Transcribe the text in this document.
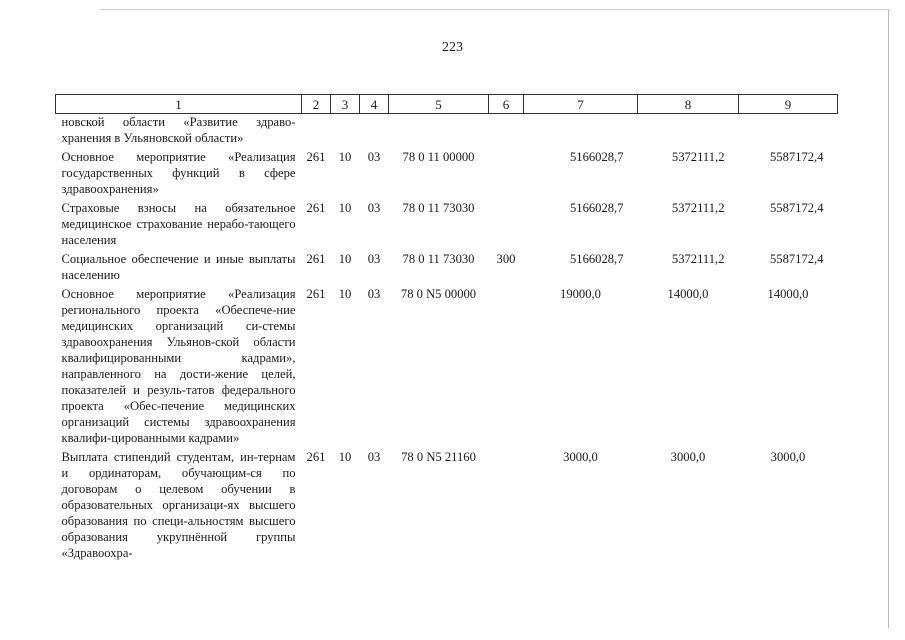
223
1	2	3	4	5	6	7	8	9
новской области «Развитие здраво-хранения в Ульяновской области»								
Основное мероприятие «Реализация государственных функций в сфере здравоохранения»	261	10	03	78 0 11 00000		5166028,7	5372111,2	5587172,4
Страховые взносы на обязательное медицинское страхование нерабо-тающего населения	261	10	03	78 0 11 73030		5166028,7	5372111,2	5587172,4
Социальное обеспечение и иные выплаты населению	261	10	03	78 0 11 73030	300	5166028,7	5372111,2	5587172,4
Основное мероприятие «Реализация регионального проекта «Обеспече-ние медицинских организаций си-стемы здравоохранения Ульянов-ской области квалифицированными кадрами», направленного на дости-жение целей, показателей и резуль-татов федерального проекта «Обес-печение медицинских организаций системы здравоохранения квалифи-цированными кадрами»	261	10	03	78 0 N5 00000		19000,0	14000,0	14000,0
Выплата стипендий студентам, ин-тернам и ординаторам, обучающим-ся по договорам о целевом обучении в образовательных организаци-ях высшего образования по специ-альностям высшего образования укрупнённой группы «Здравоохра-	261	10	03	78 0 N5 21160		3000,0	3000,0	3000,0
